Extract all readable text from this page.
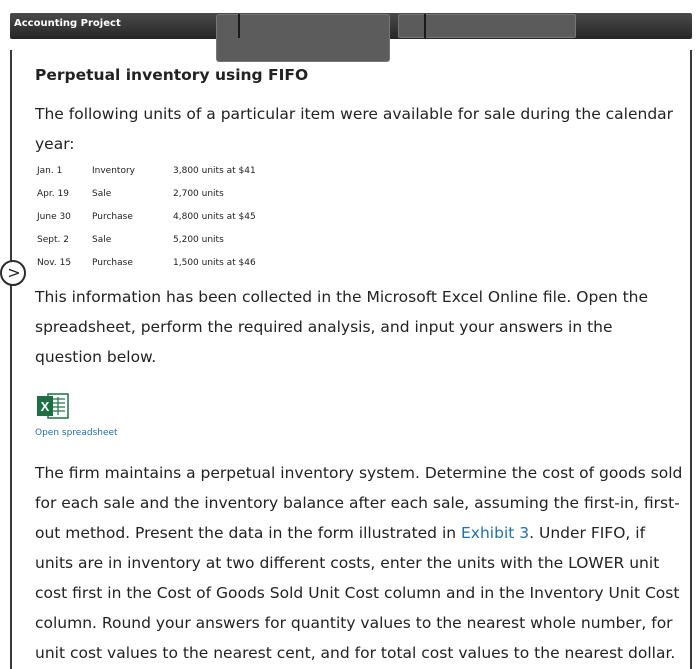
Accounting Project
>
Perpetual inventory using FIFO
The following units of a particular item were available for sale during the calendar year:
Jan. 1	Inventory	3,800 units at $41
Apr. 19	Sale	2,700 units
June 30 Purchase	4,800 units at $45
Sept. 2	Sale	5,200 units
Nov. 15 Purchase	1,500 units at $46
This information has been collected in the Microsoft Excel Online file. Open the spreadsheet, perform the required analysis, and input your answers in the question below.
X
Open spreadsheet
The firm maintains a perpetual inventory system. Determine the cost of goods sold for each sale and the inventory balance after each sale, assuming the first-in, first-out method. Present the data in the form illustrated in Exhibit 3. Under FIFO, if units are in inventory at two different costs, enter the units with the LOWER unit cost first in the Cost of Goods Sold Unit Cost column and in the Inventory Unit Cost column. Round your answers for quantity values to the nearest whole number, for unit cost values to the nearest cent, and for total cost values to the nearest dollar.
